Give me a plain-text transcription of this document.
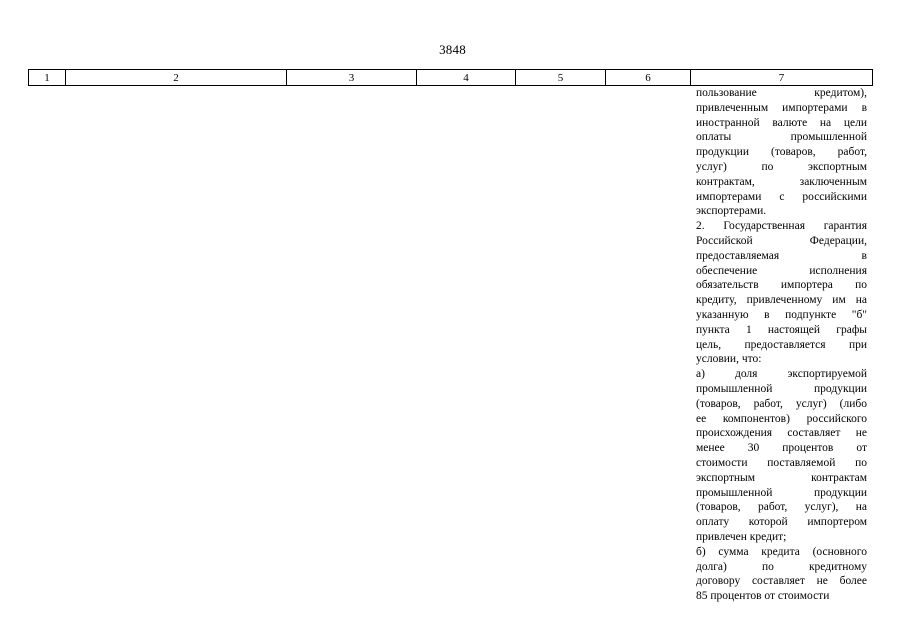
3848
1	2	3	4	5	6	7

пользование кредитом),

привлеченным импортерами в

иностранной валюте на цели

оплаты промышленной

продукции (товаров, работ,

услуг) по экспортным

контрактам, заключенным

импортерами с российскими

экспортерами.

2. Государственная гарантия

Российской Федерации,

предоставляемая в

обеспечение исполнения

обязательств импортера по

кредиту, привлеченному им на

указанную в подпункте "б"

пункта 1 настоящей графы

цель, предоставляется при

условии, что:

а) доля экспортируемой

промышленной продукции

(товаров, работ, услуг) (либо

ее компонентов) российского

происхождения составляет не

менее 30 процентов от

стоимости поставляемой по

экспортным контрактам

промышленной продукции

(товаров, работ, услуг), на

оплату которой импортером

привлечен кредит;

б) сумма кредита (основного

долга) по кредитному

договору составляет не более

85 процентов от стоимости
